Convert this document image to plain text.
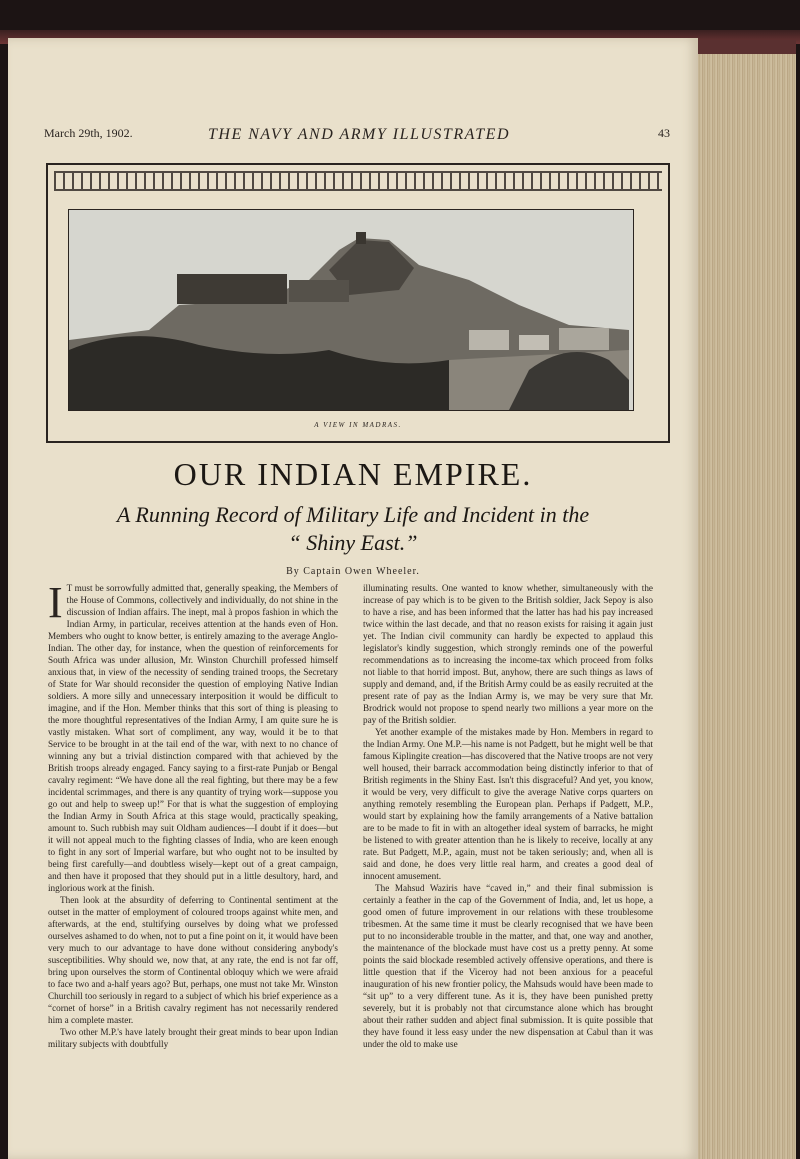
March 29th, 1902.	THE NAVY AND ARMY ILLUSTRATED	43
A VIEW IN MADRAS.
OUR INDIAN EMPIRE.
A Running Record of Military Life and Incident in the
“ Shiny East.”
By Captain Owen Wheeler.

I T must be sorrowfully admitted that, generally speaking, the Members of the House of Commons, collectively and individually, do not shine in the discussion of Indian affairs. The inept, mal à propos fashion in which the Indian Army, in particular, receives attention at the hands even of Hon. Members who ought to know better, is entirely amazing to the average Anglo-Indian. The other day, for instance, when the question of reinforcements for South Africa was under allusion, Mr. Winston Churchill professed himself anxious that, in view of the necessity of sending trained troops, the Secretary of State for War should reconsider the question of employing Native Indian soldiers. A more silly and unnecessary interposition it would be difficult to imagine, and if the Hon. Member thinks that this sort of thing is pleasing to the more thoughtful representatives of the Indian Army, I am quite sure he is vastly mistaken. What sort of compliment, any way, would it be to that Service to be brought in at the tail end of the war, with next to no chance of winning any but a trivial distinction compared with that achieved by the British troops already engaged. Fancy saying to a first-rate Punjab or Bengal cavalry regiment: “We have done all the real fighting, but there may be a few incidental scrimmages, and there is any quantity of trying work—suppose you go out and help to sweep up!” For that is what the suggestion of employing the Indian Army in South Africa at this stage would, practically speaking, amount to. Such rubbish may suit Oldham audiences—I doubt if it does—but it will not appeal much to the fighting classes of India, who are keen enough to fight in any sort of Imperial warfare, but who ought not to be insulted by being first carefully—and doubtless wisely—kept out of a great campaign, and then have it proposed that they should put in a little desultory, hard, and inglorious work at the finish.

Then look at the absurdity of deferring to Continental sentiment at the outset in the matter of employment of coloured troops against white men, and afterwards, at the end, stultifying ourselves by doing what we professed ourselves ashamed to do when, not to put a fine point on it, it would have been very much to our advantage to have done without considering anybody's susceptibilities. Why should we, now that, at any rate, the end is not far off, bring upon ourselves the storm of Continental obloquy which we were afraid to face two and a-half years ago? But, perhaps, one must not take Mr. Winston Churchill too seriously in regard to a subject of which his brief experience as a “cornet of horse” in a British cavalry regiment has not necessarily rendered him a complete master.

Two other M.P.'s have lately brought their great minds to bear upon Indian military subjects with doubtfully

illuminating results. One wanted to know whether, simultaneously with the increase of pay which is to be given to the British soldier, Jack Sepoy is also to have a rise, and has been informed that the latter has had his pay increased twice within the last decade, and that no reason exists for raising it again just yet. The Indian civil community can hardly be expected to applaud this legislator's kindly suggestion, which strongly reminds one of the powerful recommendations as to increasing the income-tax which proceed from folks not liable to that horrid impost. But, anyhow, there are such things as laws of supply and demand, and, if the British Army could be as easily recruited at the present rate of pay as the Indian Army is, we may be very sure that Mr. Brodrick would not propose to spend nearly two millions a year more on the pay of the British soldier.

Yet another example of the mistakes made by Hon. Members in regard to the Indian Army. One M.P.—his name is not Padgett, but he might well be that famous Kiplingite creation—has discovered that the Native troops are not very well housed, their barrack accommodation being distinctly inferior to that of British regiments in the Shiny East. Isn't this disgraceful? And yet, you know, it would be very, very difficult to give the average Native corps quarters on anything remotely resembling the European plan. Perhaps if Padgett, M.P., would start by explaining how the family arrangements of a Native battalion are to be made to fit in with an altogether ideal system of barracks, he might be listened to with greater attention than he is likely to receive, locally at any rate. But Padgett, M.P., again, must not be taken seriously; and, when all is said and done, he does very little real harm, and creates a good deal of innocent amusement.

The Mahsud Waziris have “caved in,” and their final submission is certainly a feather in the cap of the Government of India, and, let us hope, a good omen of future improvement in our relations with these troublesome tribesmen. At the same time it must be clearly recognised that we have been put to no inconsiderable trouble in the matter, and that, one way and another, the maintenance of the blockade must have cost us a pretty penny. At some points the said blockade resembled actively offensive operations, and there is little question that if the Viceroy had not been anxious for a peaceful inauguration of his new frontier policy, the Mahsuds would have been made to “sit up” to a very different tune. As it is, they have been punished pretty severely, but it is probably not that circumstance alone which has brought about their rather sudden and abject final submission. It is quite possible that they have found it less easy under the new dispensation at Cabul than it was under the old to make use
